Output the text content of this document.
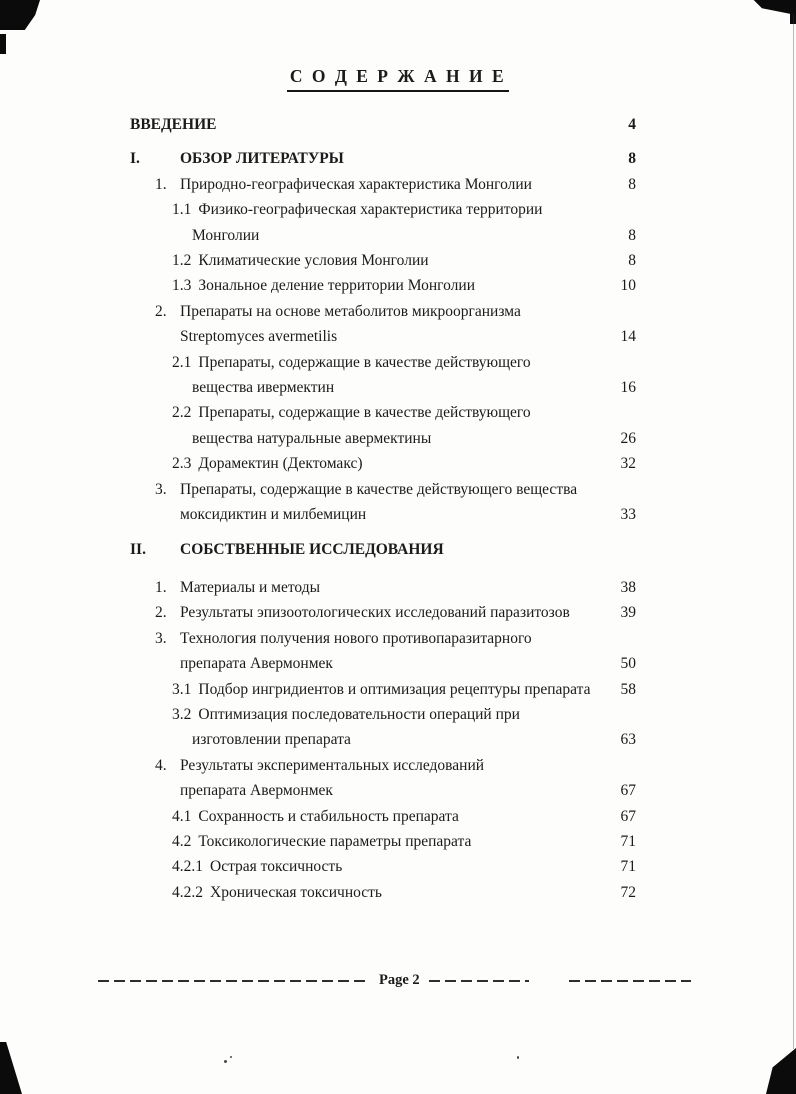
С О Д Е Р Ж А Н И Е
ВВЕДЕНИЕ	4
I.	ОБЗОР ЛИТЕРАТУРЫ	8
1. Природно-географическая характеристика Монголии	8
1.1 Физико-географическая характеристика территории
Монголии	8
1.2 Климатические условия Монголии	8
1.3 Зональное деление территории Монголии	10
2. Препараты на основе метаболитов микроорганизма
Streptomyces avermetilis	14
2.1 Препараты, содержащие в качестве действующего
вещества ивермектин	16
2.2 Препараты, содержащие в качестве действующего
вещества натуральные авермектины	26
2.3 Дорамектин (Дектомакс)	32
3. Препараты, содержащие в качестве действующего вещества
моксидиктин и милбемицин	33
II. СОБСТВЕННЫЕ ИССЛЕДОВАНИЯ
1. Материалы и методы	38
2. Результаты эпизоотологических исследований паразитозов	39
3. Технология получения нового противопаразитарного
препарата Авермонмек	50
3.1 Подбор ингридиентов и оптимизация рецептуры препарата 58
3.2 Оптимизация последовательности операций при
изготовлении препарата	63
4. Результаты экспериментальных исследований
препарата Авермонмек	67
4.1 Сохранность и стабильность препарата	67
4.2 Токсикологические параметры препарата	71
4.2.1 Острая токсичность	71
4.2.2 Хроническая токсичность	72
Page 2
